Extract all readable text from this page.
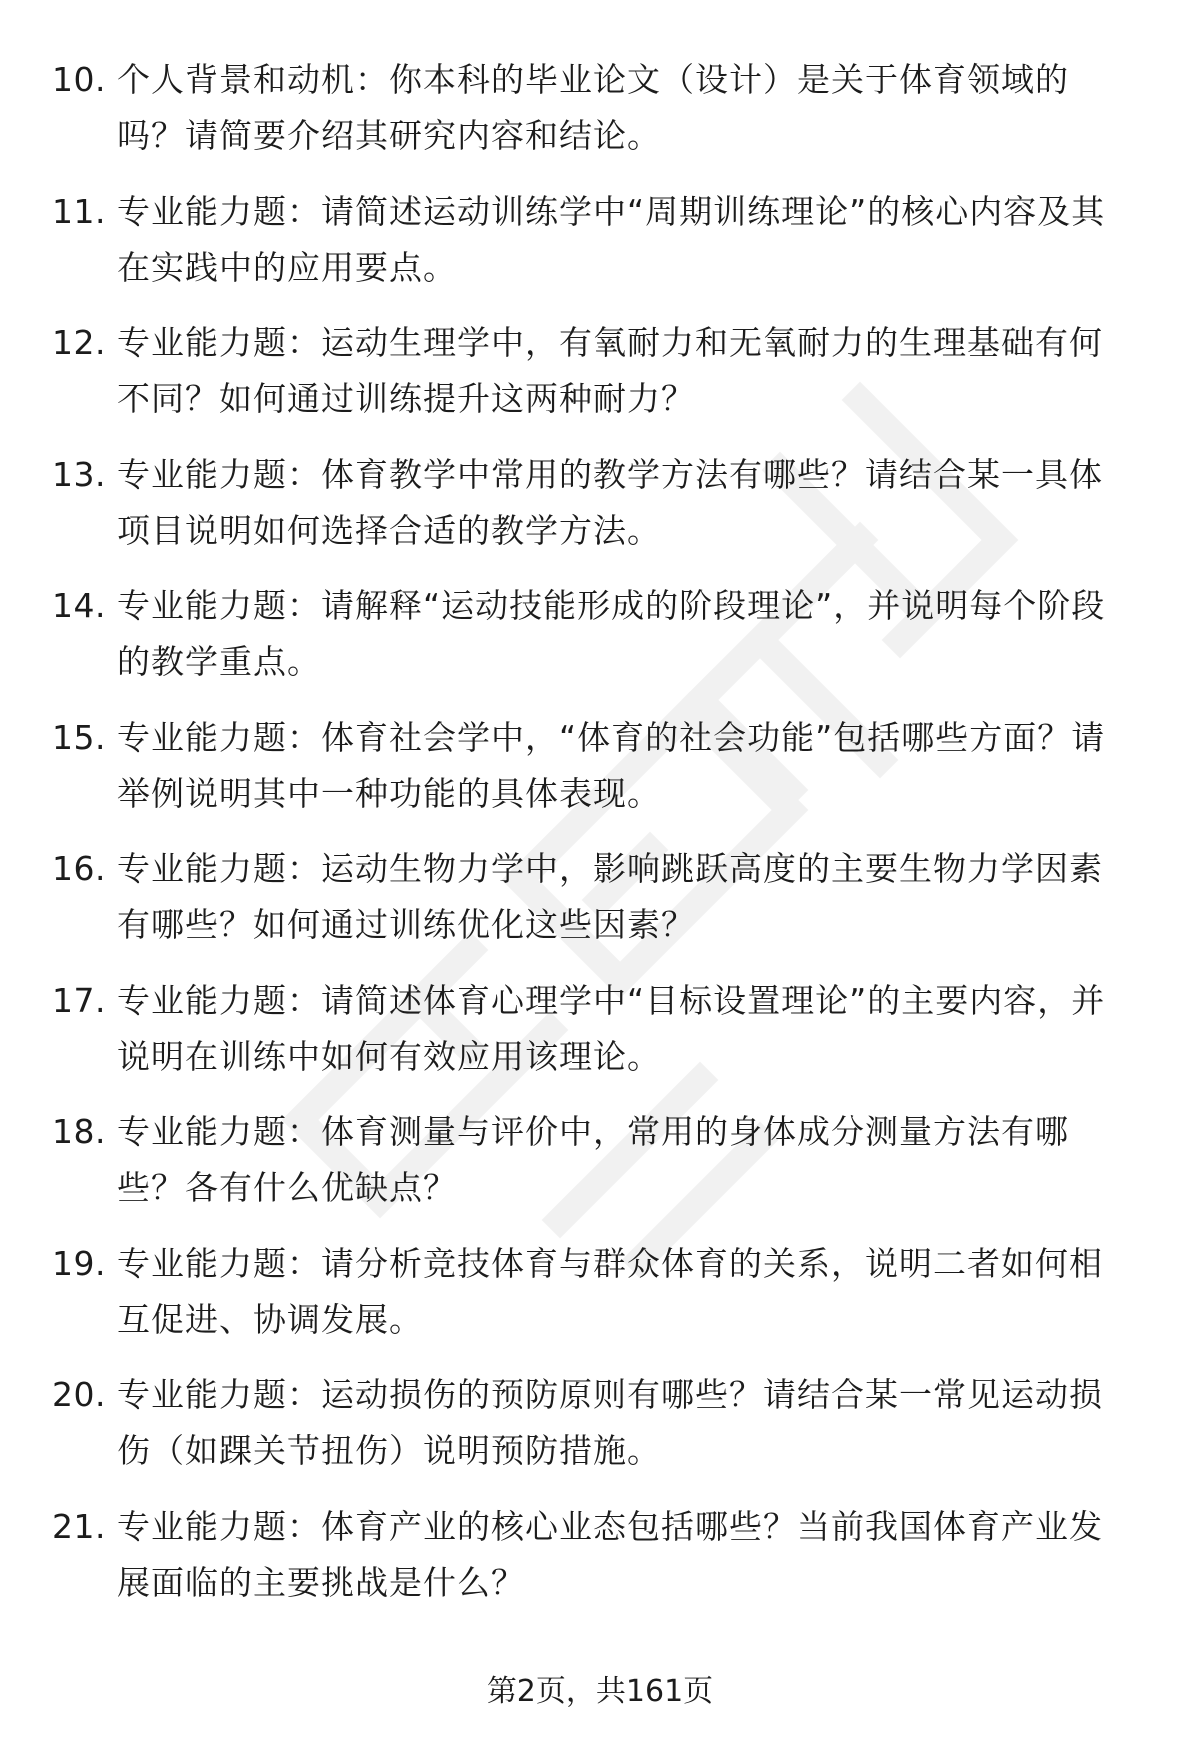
10. 个人背景和动机：你本科的毕业论文（设计）是关于体育领域的吗？请简要介绍其研究内容和结论。
11. 专业能力题：请简述运动训练学中“周期训练理论”的核心内容及其在实践中的应用要点。
12. 专业能力题：运动生理学中，有氧耐力和无氧耐力的生理基础有何不同？如何通过训练提升这两种耐力？
13. 专业能力题：体育教学中常用的教学方法有哪些？请结合某一具体项目说明如何选择合适的教学方法。
14. 专业能力题：请解释“运动技能形成的阶段理论”，并说明每个阶段的教学重点。
15. 专业能力题：体育社会学中，“体育的社会功能”包括哪些方面？请举例说明其中一种功能的具体表现。
16. 专业能力题：运动生物力学中，影响跳跃高度的主要生物力学因素有哪些？如何通过训练优化这些因素？
17. 专业能力题：请简述体育心理学中“目标设置理论”的主要内容，并说明在训练中如何有效应用该理论。
18. 专业能力题：体育测量与评价中，常用的身体成分测量方法有哪些？各有什么优缺点？
19. 专业能力题：请分析竞技体育与群众体育的关系，说明二者如何相互促进、协调发展。
20. 专业能力题：运动损伤的预防原则有哪些？请结合某一常见运动损伤（如踝关节扭伤）说明预防措施。
21. 专业能力题：体育产业的核心业态包括哪些？当前我国体育产业发展面临的主要挑战是什么？
第2页，共161页
